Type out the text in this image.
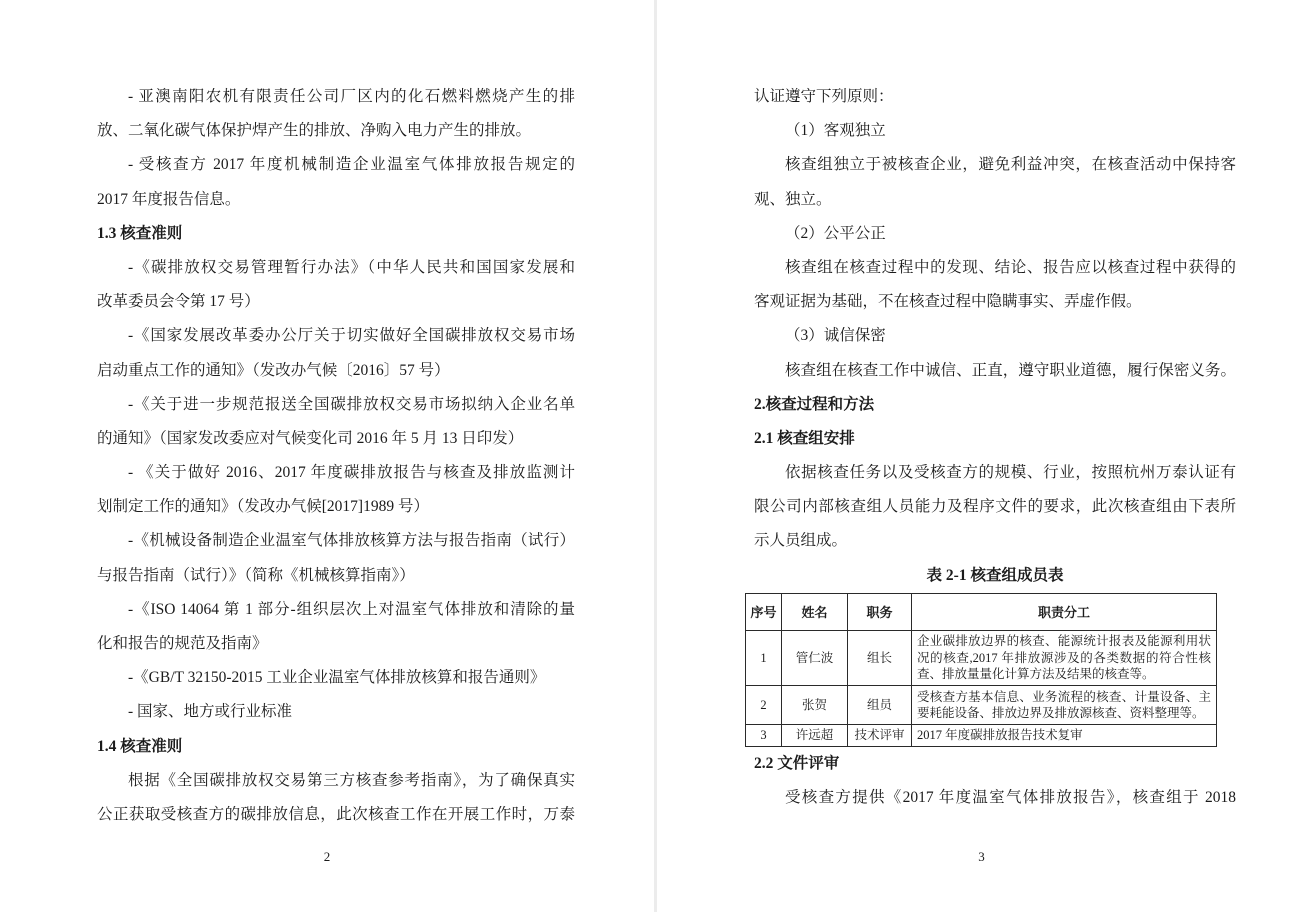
- 亚澳南阳农机有限责任公司厂区内的化石燃料燃烧产生的排
放、二氧化碳气体保护焊产生的排放、净购入电力产生的排放。
- 受核查方 2017 年度机械制造企业温室气体排放报告规定的
2017 年度报告信息。
1.3 核查准则
-《碳排放权交易管理暂行办法》（中华人民共和国国家发展和
改革委员会令第 17 号）
-《国家发展改革委办公厅关于切实做好全国碳排放权交易市场
启动重点工作的通知》（发改办气候〔2016〕57 号）
-《关于进一步规范报送全国碳排放权交易市场拟纳入企业名单
的通知》（国家发改委应对气候变化司 2016 年 5 月 13 日印发）
- 《关于做好 2016、2017 年度碳排放报告与核查及排放监测计
划制定工作的通知》（发改办气候[2017]1989 号）
-《机械设备制造企业温室气体排放核算方法与报告指南（试行）
与报告指南（试行）》（简称《机械核算指南》）
-《ISO 14064 第 1 部分-组织层次上对温室气体排放和清除的量
化和报告的规范及指南》
-《GB/T 32150-2015 工业企业温室气体排放核算和报告通则》
- 国家、地方或行业标准
1.4 核查准则
根据《全国碳排放权交易第三方核查参考指南》，为了确保真实
公正获取受核查方的碳排放信息，此次核查工作在开展工作时，万泰
2
认证遵守下列原则：
（1）客观独立
核查组独立于被核查企业，避免利益冲突，在核查活动中保持客
观、独立。
（2）公平公正
核查组在核查过程中的发现、结论、报告应以核查过程中获得的
客观证据为基础，不在核查过程中隐瞒事实、弄虚作假。
（3）诚信保密
核查组在核查工作中诚信、正直，遵守职业道德，履行保密义务。
2.核查过程和方法
2.1 核查组安排
依据核查任务以及受核查方的规模、行业，按照杭州万泰认证有
限公司内部核查组人员能力及程序文件的要求，此次核查组由下表所
示人员组成。
表 2-1 核查组成员表
序号	姓名	职务	职责分工
1	管仁波	组长	企业碳排放边界的核查、能源统计报表及能源利用状况的核查,2017 年排放源涉及的各类数据的符合性核查、排放量量化计算方法及结果的核查等。
2	张贺	组员	受核查方基本信息、业务流程的核查、计量设备、主要耗能设备、排放边界及排放源核查、资料整理等。
3	许远超	技术评审	2017 年度碳排放报告技术复审
2.2 文件评审
受核查方提供《2017 年度温室气体排放报告》，核查组于 2018
3
